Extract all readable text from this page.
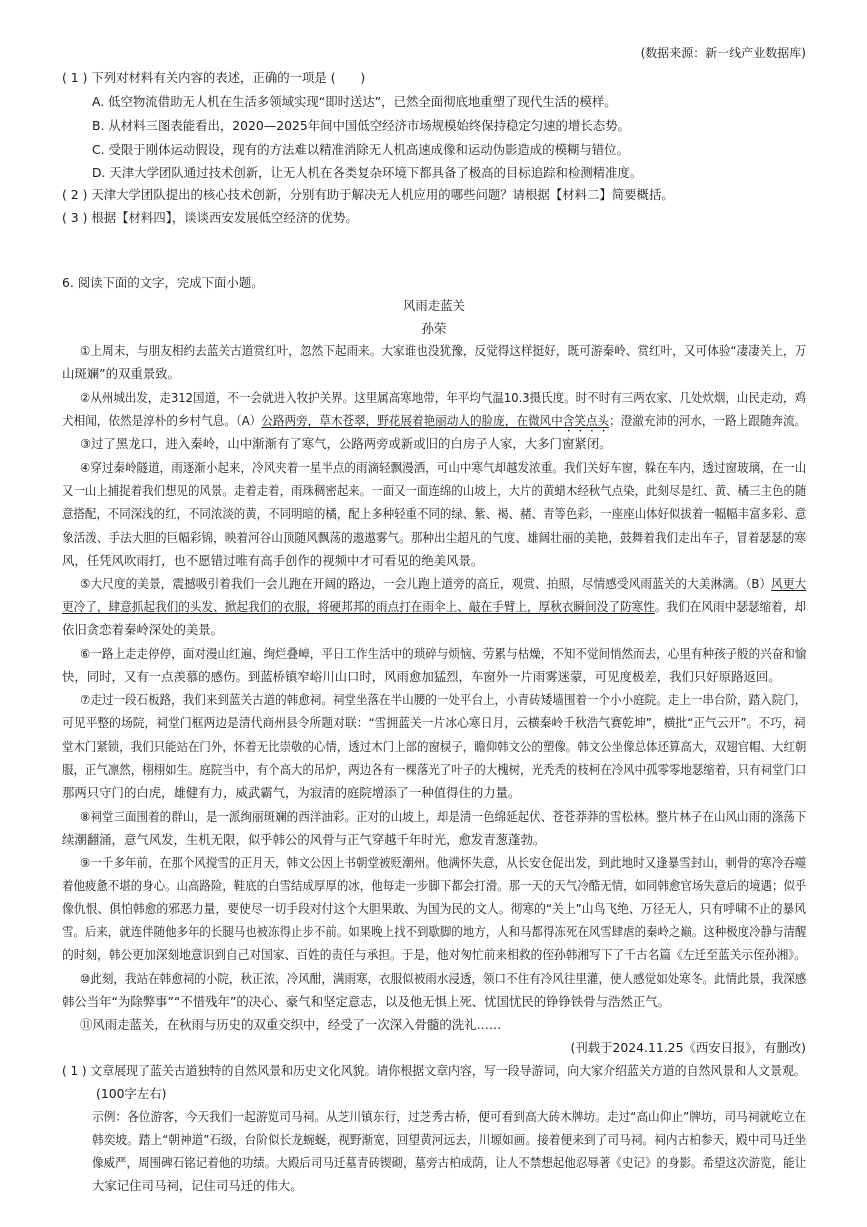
(数据来源：新一线产业数据库)
( 1 ) 下列对材料有关内容的表述，正确的一项是 (　　)
A. 低空物流借助无人机在生活多领域实现“即时送达”，已然全面彻底地重塑了现代生活的模样。
B. 从材料三图表能看出，2020—2025年间中国低空经济市场规模始终保持稳定匀速的增长态势。
C. 受限于刚体运动假设，现有的方法难以精准消除无人机高速成像和运动伪影造成的模糊与错位。
D. 天津大学团队通过技术创新，让无人机在各类复杂环境下都具备了极高的目标追踪和检测精准度。
( 2 ) 天津大学团队提出的核心技术创新，分别有助于解决无人机应用的哪些问题？请根据【材料二】简要概括。
( 3 ) 根据【材料四】，谈谈西安发展低空经济的优势。
6. 阅读下面的文字，完成下面小题。
风雨走蓝关
孙荣
①上周末，与朋友相约去蓝关古道赏红叶，忽然下起雨来。大家谁也没犹豫，反觉得这样挺好，既可游秦岭、赏红叶，又可体验“凄凄关上，万
山斑斓”的双重景致。
②从州城出发，走312国道，不一会就进入牧护关界。这里属高寒地带，年平均气温10.3摄氏度。时不时有三两农家、几处炊烟，山民走动，鸡
犬相闻，依然是淳朴的乡村气息。（A）公路两旁，草木苍翠，野花展着艳丽动人的脸庞，在微风中含笑点头；澄澈充沛的河水，一路上跟随奔流。
③过了黑龙口，进入秦岭，山中渐渐有了寒气，公路两旁或新或旧的白房子人家，大多门窗紧闭。
④穿过秦岭隧道，雨逐渐小起来，冷风夹着一星半点的雨滴轻飘漫洒，可山中寒气却越发浓重。我们关好车窗，躲在车内，透过窗玻璃，在一山
又一山上捕捉着我们想见的风景。走着走着，雨珠稠密起来。一面又一面连绵的山坡上，大片的黄蜡木经秋气点染，此刻尽是红、黄、橘三主色的随
意搭配，不同深浅的红，不同浓淡的黄，不同明暗的橘，配上多种轻重不同的绿、紫、褐、赭、青等色彩，一座座山体好似拔着一幅幅丰富多彩、意
象活泼、手法大胆的巨幅彩锦，映着河谷山顶随风飘荡的遨遨雾气。那种出尘超凡的气度、雄阔壮丽的美艳，鼓舞着我们走出车子，冒着瑟瑟的寒
风，任凭风吹雨打，也不愿错过唯有高手创作的视频中才可看见的绝美风景。
⑤大尺度的美景，震撼吸引着我们一会儿跑在开阔的路边，一会儿跑上道旁的高丘，观赏、拍照，尽情感受风雨蓝关的大美淋漓。（B）风更大
更冷了，肆意抓起我们的头发、掀起我们的衣服，将硬邦邦的雨点打在雨伞上、敲在手臂上，厚秋衣瞬间没了防寒性。我们在风雨中瑟瑟缩着，却
依旧贪恋着秦岭深处的美景。
⑥一路上走走停停，面对漫山红遍、绚烂叠嶂，平日工作生活中的琐碎与烦恼、劳累与枯燥，不知不觉间悄然而去，心里有种孩子般的兴奋和愉
快，同时，又有一点羡慕的感伤。到蓝桥镇窄峪川山口时，风雨愈加猛烈，车窗外一片雨雾迷蒙，可见度极差，我们只好原路返回。
⑦走过一段石板路，我们来到蓝关古道的韩愈祠。祠堂坐落在半山腰的一处平台上，小青砖矮墙围着一个小小庭院。走上一串台阶，踏入院门，
可见平整的场院，祠堂门框两边是清代商州县令所题对联：“雪拥蓝关一片冰心寒日月，云横秦岭千秋浩气赛乾坤”，横批“正气云开”。不巧，祠
堂木门紧锁，我们只能站在门外，怀着无比崇敬的心情，透过木门上部的窗棂子，瞻仰韩文公的塑像。韩文公坐像总体还算高大，双翅官帽、大红朝
服，正气凛然，栩栩如生。庭院当中，有个高大的吊炉，两边各有一棵落光了叶子的大槐树，光秃秃的枝柯在冷风中孤零零地瑟缩着，只有祠堂门口
那两只守门的白虎，雄健有力，威武霸气，为寂清的庭院增添了一种值得住的力量。
⑧祠堂三面围着的群山，是一派绚丽斑斓的西洋油彩。正对的山坡上，却是清一色绵延起伏、苍苍莽莽的雪松林。整片林子在山风山雨的涤荡下
续潮翻涌，意气风发，生机无限，似乎韩公的风骨与正气穿越千年时光，愈发青葱蓬勃。
⑨一千多年前，在那个风搅雪的正月天，韩文公因上书朝堂被贬潮州。他满怀失意，从长安仓促出发，到此地时又逢暴雪封山，刺骨的寒冷吞噬
着他疲惫不堪的身心。山高路险，鞋底的白雪结成厚厚的冰，他每走一步脚下都会打滑。那一天的天气冷酷无情，如同韩愈官场失意后的境遇；似乎
像仇恨、俱怕韩愈的邪恶力量，要使尽一切手段对付这个大胆果敢、为国为民的文人。彻寒的“关上”山鸟飞绝、万径无人，只有呼啸不止的暴风
雪。后来，就连伴随他多年的长腿马也被冻得止步不前。如果晚上找不到歇脚的地方，人和马都得冻死在风雪肆虐的秦岭之巅。这种极度冷静与清醒
的时刻，韩公更加深刻地意识到自己对国家、百姓的责任与承担。于是，他对匆忙前来相救的侄孙韩湘写下了千古名篇《左迁至蓝关示侄孙湘》。
⑩此刻，我站在韩愈祠的小院，秋正浓，冷风酣，满雨寒，衣服似被雨水浸透，领口不住有冷风往里灌，使人感觉如处寒冬。此情此景，我深感
韩公当年“为除弊事”“不惜残年”的决心、豪气和坚定意志，以及他无惧上死、忧国忧民的铮铮铁骨与浩然正气。
⑪风雨走蓝关，在秋雨与历史的双重交织中，经受了一次深入骨髓的洗礼……
(刊载于2024.11.25《西安日报》，有删改)
( 1 ) 文章展现了蓝关古道独特的自然风景和历史文化风貌。请你根据文章内容，写一段导游词，向大家介绍蓝关方道的自然风景和人文景观。
(100字左右)
示例：各位游客，今天我们一起游览司马祠。从芝川镇东行，过芝秀古桥，便可看到高大砖木牌坊。走过“高山仰止”牌坊，司马祠就屹立在
韩奕坡。踏上“朝神道”石级，台阶似长龙蜿蜒，视野渐宽，回望黄河远去，川塬如画。接着便来到了司马祠。祠内古柏参天，殿中司马迁坐
像威严，周围碑石铭记着他的功绩。大殿后司马迁墓青砖锲砌，墓旁古柏成荫，让人不禁想起他忍辱著《史记》的身影。希望这次游览，能让
大家记住司马祠，记住司马迁的伟大。
